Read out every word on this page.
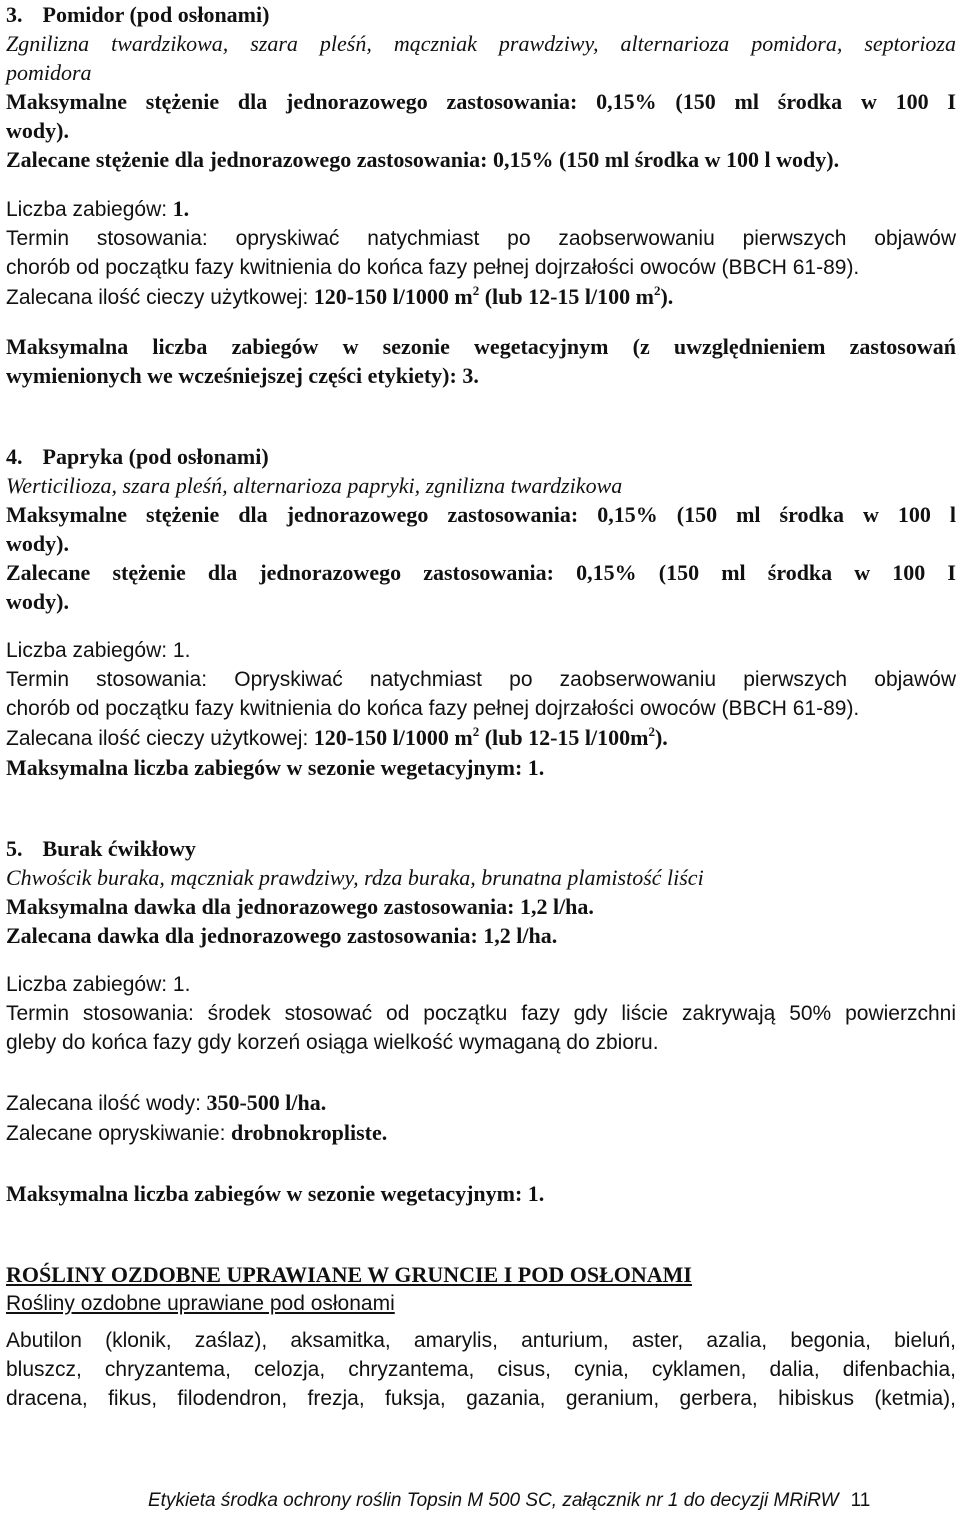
3. Pomidor (pod osłonami)
Zgnilizna twardzikowa, szara pleśń, mączniak prawdziwy, alternarioza pomidora, septorioza
pomidora
Maksymalne stężenie dla jednorazowego zastosowania: 0,15% (150 ml środka w 100 I
wody).
Zalecane stężenie dla jednorazowego zastosowania: 0,15% (150 ml środka w 100 l wody).
Liczba zabiegów: 1.
Termin stosowania: opryskiwać natychmiast po zaobserwowaniu pierwszych objawów
chorób od początku fazy kwitnienia do końca fazy pełnej dojrzałości owoców (BBCH 61-89).
Zalecana ilość cieczy użytkowej: 120-150 l/1000 $m^2$ (lub 12-15 l/100 $m^2$).
Maksymalna liczba zabiegów w sezonie wegetacyjnym (z uwzględnieniem zastosowań
wymienionych we wcześniejszej części etykiety): 3.
4. Papryka (pod osłonami)
Werticilioza, szara pleśń, alternarioza papryki, zgnilizna twardzikowa
Maksymalne stężenie dla jednorazowego zastosowania: 0,15% (150 ml środka w 100 l
wody).
Zalecane stężenie dla jednorazowego zastosowania: 0,15% (150 ml środka w 100 I
wody).
Liczba zabiegów: 1.
Termin stosowania: Opryskiwać natychmiast po zaobserwowaniu pierwszych objawów
chorób od początku fazy kwitnienia do końca fazy pełnej dojrzałości owoców (BBCH 61-89).
Zalecana ilość cieczy użytkowej: 120-150 l/1000 $m^2$ (lub 12-15 $l/100m^2$).
Maksymalna liczba zabiegów w sezonie wegetacyjnym: 1.
5. Burak ćwikłowy
Chwościk buraka, mączniak prawdziwy, rdza buraka, brunatna plamistość liści
Maksymalna dawka dla jednorazowego zastosowania: 1,2 l/ha.
Zalecana dawka dla jednorazowego zastosowania: 1,2 l/ha.
Liczba zabiegów: 1.
Termin stosowania: środek stosować od początku fazy gdy liście zakrywają 50% powierzchni
gleby do końca fazy gdy korzeń osiąga wielkość wymaganą do zbioru.
Zalecana ilość wody: 350-500 l/ha.
Zalecane opryskiwanie: drobnokropliste.
Maksymalna liczba zabiegów w sezonie wegetacyjnym: 1.
ROŚLINY OZDOBNE UPRAWIANE W GRUNCIE I POD OSŁONAMI
Rośliny ozdobne uprawiane pod osłonami
Abutilon (klonik, zaślaz), aksamitka, amarylis, anturium, aster, azalia, begonia, bieluń,
bluszcz, chryzantema, celozja, chryzantema, cisus, cynia, cyklamen, dalia, difenbachia,
dracena, fikus, filodendron, frezja, fuksja, gazania, geranium, gerbera, hibiskus (ketmia),
Etykieta środka ochrony roślin Topsin M 500 SC, załącznik nr 1 do decyzji MRiRW 11
